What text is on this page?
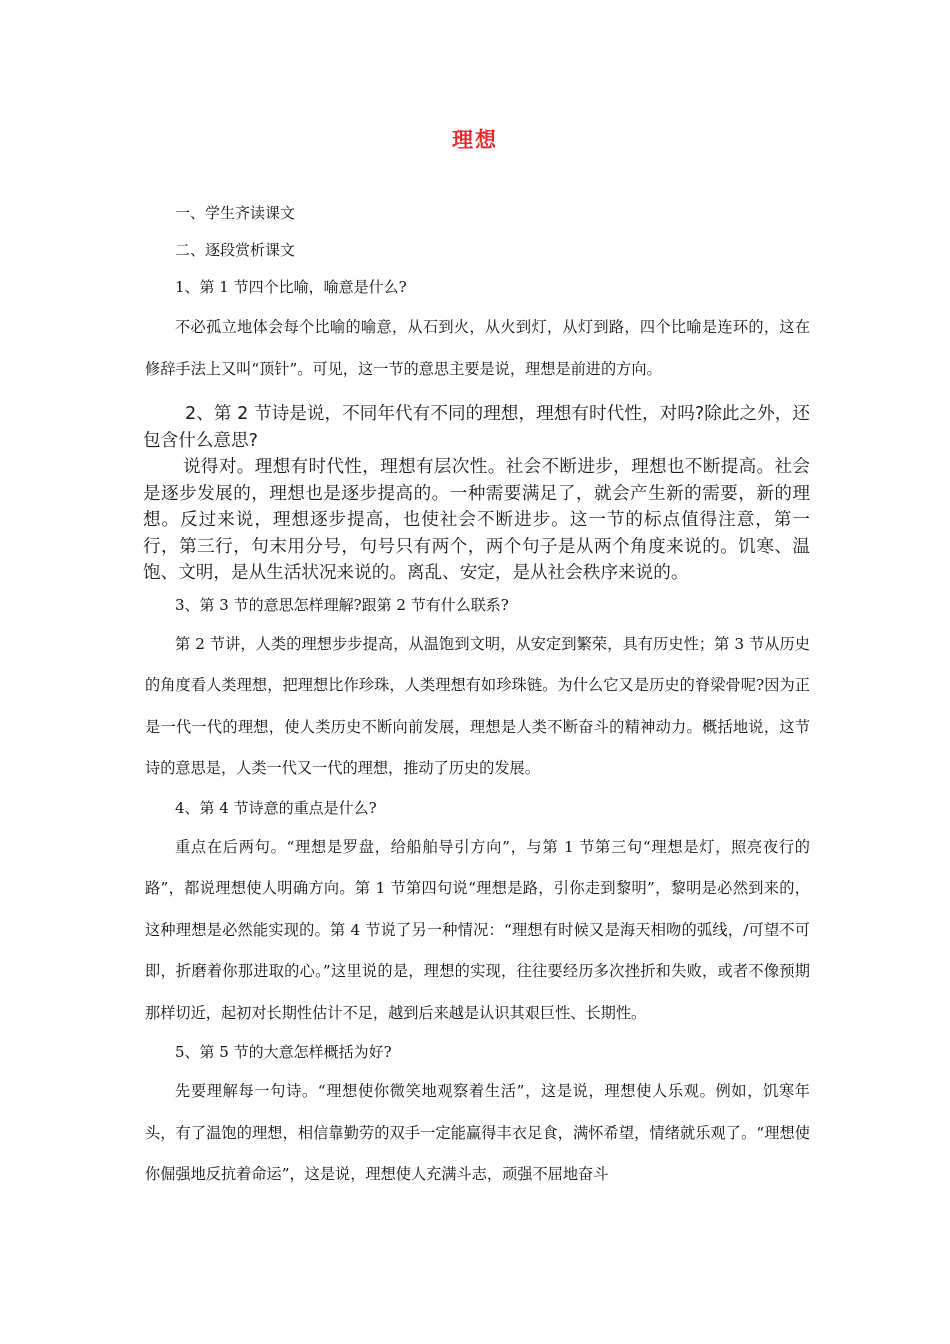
理想

一、学生齐读课文

二、逐段赏析课文

1、第 1 节四个比喻，喻意是什么?

不必孤立地体会每个比喻的喻意，从石到火，从火到灯，从灯到路，四个比喻是连环的，这在修辞手法上又叫“顶针”。可见，这一节的意思主要是说，理想是前进的方向。

2、第 2 节诗是说，不同年代有不同的理想，理想有时代性，对吗?除此之外，还包含什么意思?

说得对。理想有时代性，理想有层次性。社会不断进步，理想也不断提高。社会是逐步发展的，理想也是逐步提高的。一种需要满足了，就会产生新的需要，新的理想。反过来说，理想逐步提高，也使社会不断进步。这一节的标点值得注意，第一行，第三行，句末用分号，句号只有两个，两个句子是从两个角度来说的。饥寒、温饱、文明，是从生活状况来说的。离乱、安定，是从社会秩序来说的。

3、第 3 节的意思怎样理解?跟第 2 节有什么联系?

第 2 节讲，人类的理想步步提高，从温饱到文明，从安定到繁荣，具有历史性；第 3 节从历史的角度看人类理想，把理想比作珍珠，人类理想有如珍珠链。为什么它又是历史的脊梁骨呢?因为正是一代一代的理想，使人类历史不断向前发展，理想是人类不断奋斗的精神动力。概括地说，这节诗的意思是，人类一代又一代的理想，推动了历史的发展。

4、第 4 节诗意的重点是什么?

重点在后两句。“理想是罗盘，给船舶导引方向”，与第 1 节第三句“理想是灯，照亮夜行的路”，都说理想使人明确方向。第 1 节第四句说“理想是路，引你走到黎明”，黎明是必然到来的，这种理想是必然能实现的。第 4 节说了另一种情况：“理想有时候又是海天相吻的弧线，/可望不可即，折磨着你那进取的心。”这里说的是，理想的实现，往往要经历多次挫折和失败，或者不像预期那样切近，起初对长期性估计不足，越到后来越是认识其艰巨性、长期性。

5、第 5 节的大意怎样概括为好?

先要理解每一句诗。“理想使你微笑地观察着生活”，这是说，理想使人乐观。例如，饥寒年头，有了温饱的理想，相信靠勤劳的双手一定能赢得丰衣足食，满怀希望，情绪就乐观了。“理想使你倔强地反抗着命运”，这是说，理想使人充满斗志，顽强不屈地奋斗
